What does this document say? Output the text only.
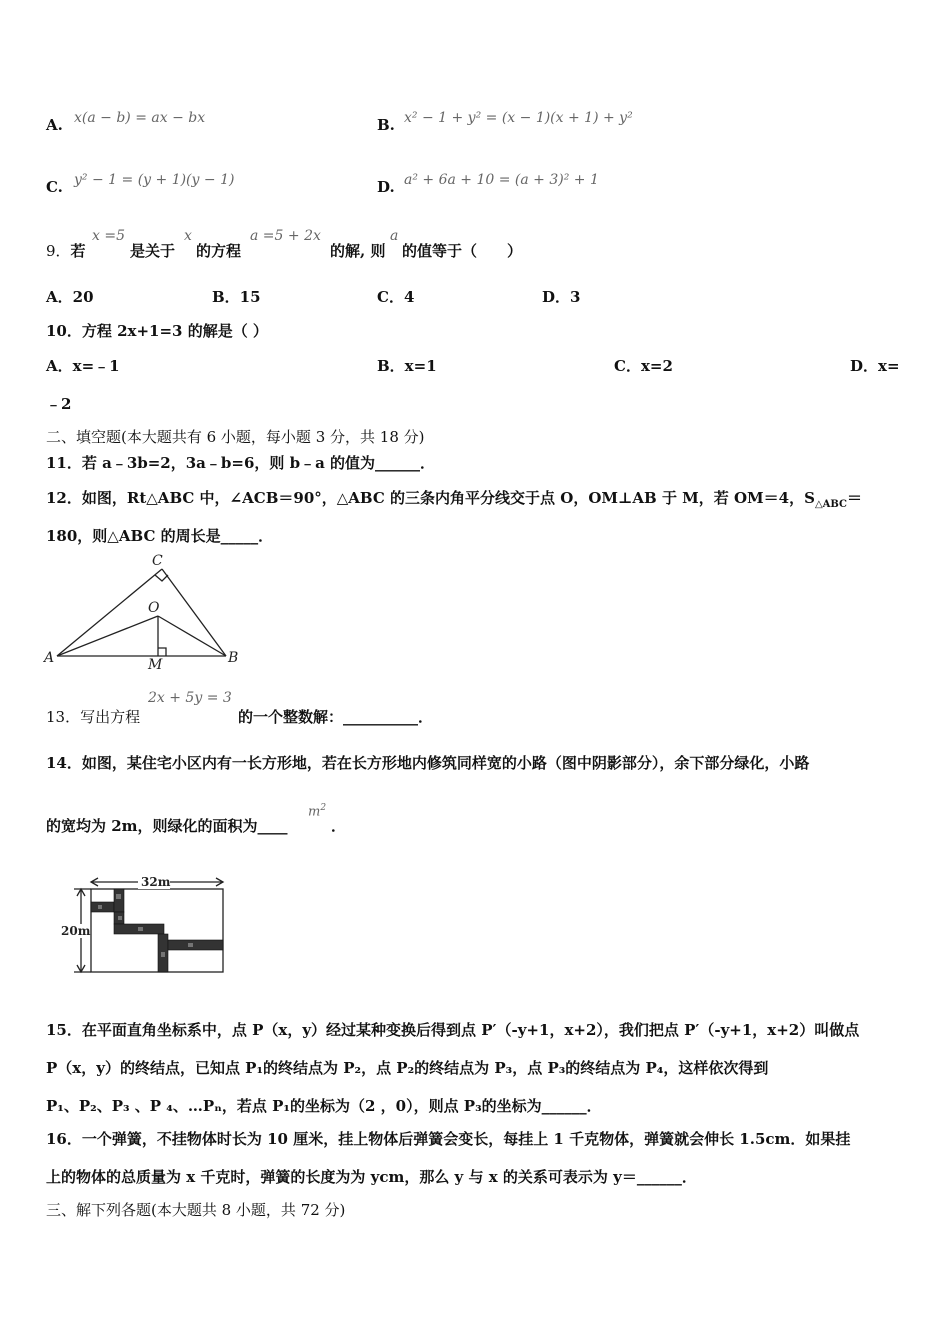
A. x(a − b) = ax − bx	B. x² − 1 + y² = (x − 1)(x + 1) + y²
C. y² − 1 = (y + 1)(y − 1)	D. a² + 6a + 10 = (a + 3)² + 1
9．若
x =5
是关于
x
的方程
a =5 + 2x
的解, 则
a
的值等于（　　）
A．20	B．15	C．4	D．3
10．方程 2x+1=3 的解是（ ）
A．x=﹣1	B．x=1	C．x=2	D．x=
﹣2
二、填空题(本大题共有 6 小题，每小题 3 分，共 18 分)
11．若 a﹣3b=2，3a﹣b=6，则 b﹣a 的值为______．
12．如图，Rt△ABC 中，∠ACB＝90°，△ABC 的三条内角平分线交于点 O，OM⊥AB 于 M，若 OM＝4，$S_{\triangle ABC}=$
180，则△ABC 的周长是_____．
A
C
O
B
M
13．写出方程
2x + 5y = 3
的一个整数解：__________．
14．如图，某住宅小区内有一长方形地，若在长方形地内修筑同样宽的小路（图中阴影部分），余下部分绿化，小路
的宽均为 2m，则绿化的面积为____
$m^2$
．
32m
20m
15．在平面直角坐标系中，点 P（x，y）经过某种变换后得到点 P′（-y+1，x+2），我们把点 P′（-y+1，x+2）叫做点
P（x，y）的终结点，已知点 P₁的终结点为 P₂，点 P₂的终结点为 P₃，点 P₃的终结点为 P₄，这样依次得到
P₁、P₂、P₃ 、P ₄、…Pₙ，若点 P₁的坐标为（2 ，0），则点 P₃的坐标为______．
16．一个弹簧，不挂物体时长为 10 厘米，挂上物体后弹簧会变长，每挂上 1 千克物体，弹簧就会伸长 1.5cm．如果挂
上的物体的总质量为 x 千克时，弹簧的长度为为 ycm，那么 y 与 x 的关系可表示为 y＝______．
三、解下列各题(本大题共 8 小题，共 72 分)
